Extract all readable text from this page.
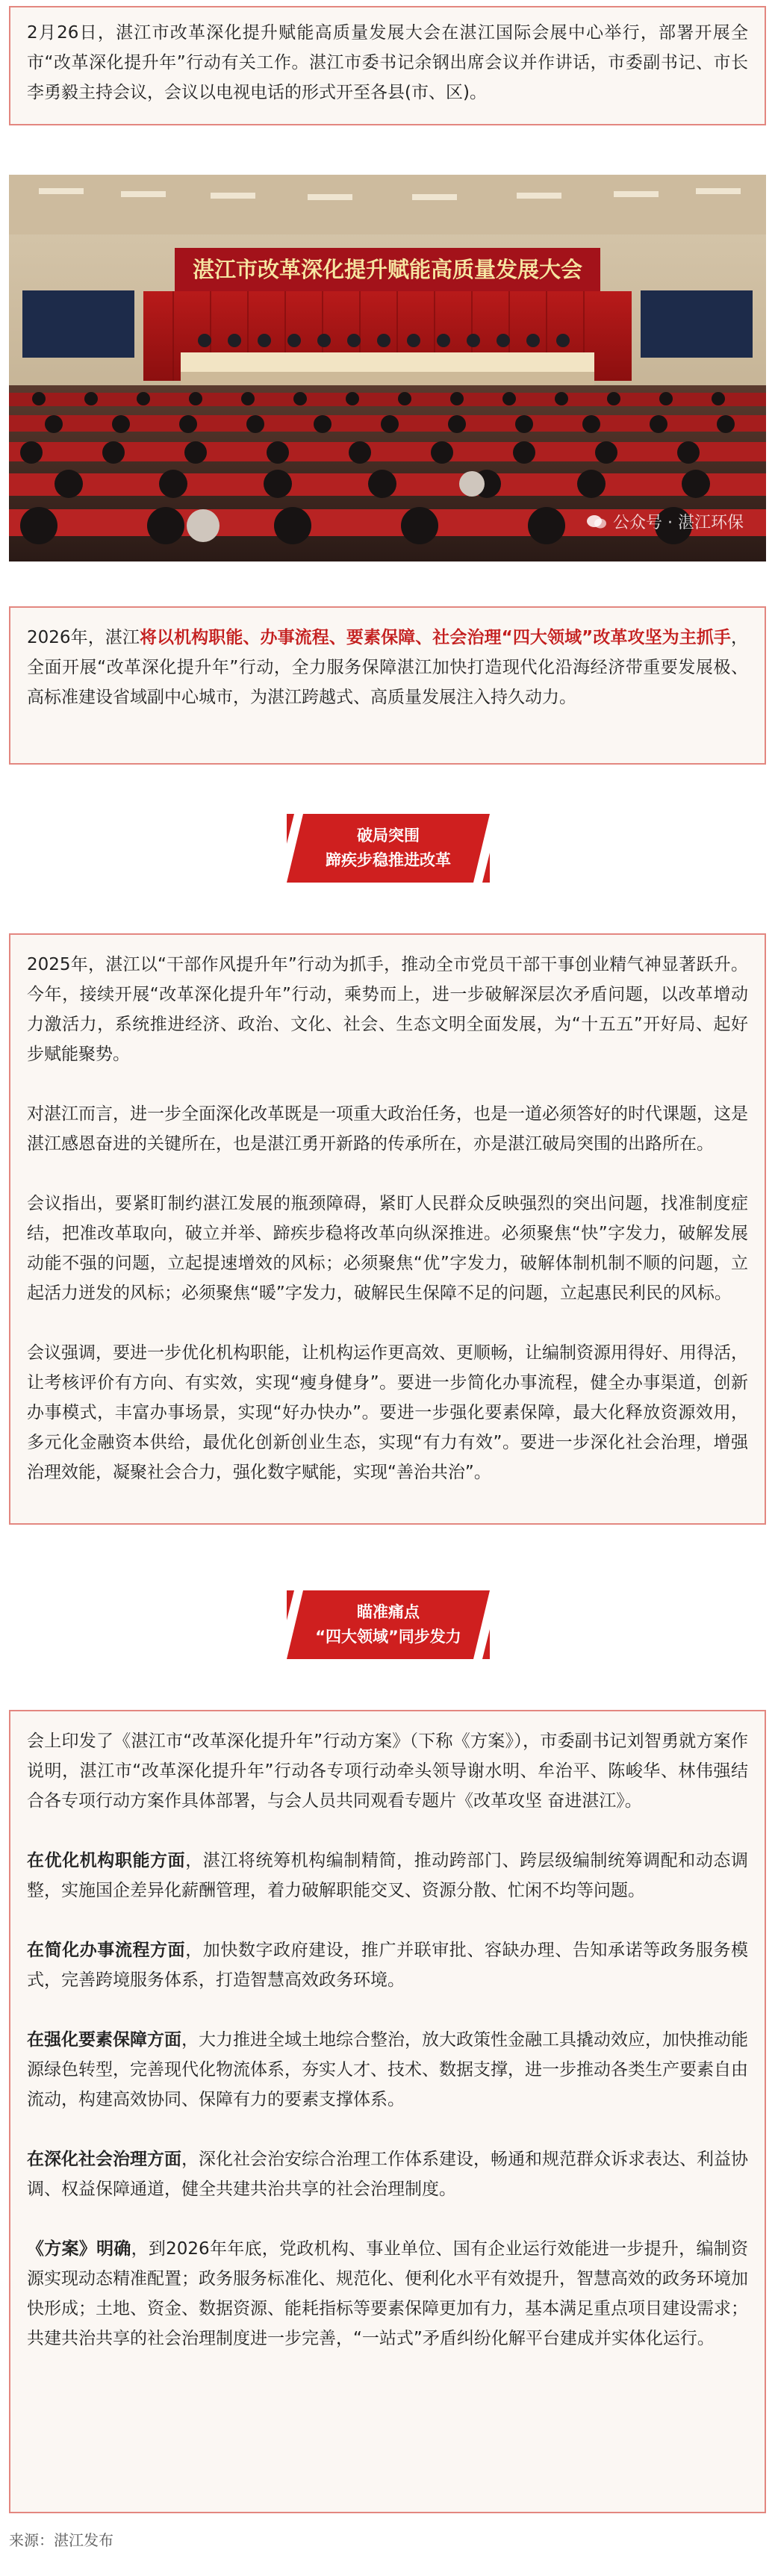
2月26日，湛江市改革深化提升赋能高质量发展大会在湛江国际会展中心举行，部署开展全市“改革深化提升年”行动有关工作。湛江市委书记余钢出席会议并作讲话，市委副书记、市长李勇毅主持会议，会议以电视电话的形式开至各县(市、区)。

湛江市改革深化提升赋能高质量发展大会
公众号 · 湛江环保

2026年，湛江将以机构职能、办事流程、要素保障、社会治理“四大领域”改革攻坚为主抓手，全面开展“改革深化提升年”行动，全力服务保障湛江加快打造现代化沿海经济带重要发展极、高标准建设省域副中心城市，为湛江跨越式、高质量发展注入持久动力。

破局突围
蹄疾步稳推进改革

2025年，湛江以“干部作风提升年”行动为抓手，推动全市党员干部干事创业精气神显著跃升。今年，接续开展“改革深化提升年”行动，乘势而上，进一步破解深层次矛盾问题，以改革增动力激活力，系统推进经济、政治、文化、社会、生态文明全面发展，为“十五五”开好局、起好步赋能聚势。

对湛江而言，进一步全面深化改革既是一项重大政治任务，也是一道必须答好的时代课题，这是湛江感恩奋进的关键所在，也是湛江勇开新路的传承所在，亦是湛江破局突围的出路所在。

会议指出，要紧盯制约湛江发展的瓶颈障碍，紧盯人民群众反映强烈的突出问题，找准制度症结，把准改革取向，破立并举、蹄疾步稳将改革向纵深推进。必须聚焦“快”字发力，破解发展动能不强的问题，立起提速增效的风标；必须聚焦“优”字发力，破解体制机制不顺的问题，立起活力迸发的风标；必须聚焦“暖”字发力，破解民生保障不足的问题，立起惠民利民的风标。

会议强调，要进一步优化机构职能，让机构运作更高效、更顺畅，让编制资源用得好、用得活，让考核评价有方向、有实效，实现“瘦身健身”。要进一步简化办事流程，健全办事渠道，创新办事模式，丰富办事场景，实现“好办快办”。要进一步强化要素保障，最大化释放资源效用，多元化金融资本供给，最优化创新创业生态，实现“有力有效”。要进一步深化社会治理，增强治理效能，凝聚社会合力，强化数字赋能，实现“善治共治”。

瞄准痛点
“四大领域”同步发力

会上印发了《湛江市“改革深化提升年”行动方案》（下称《方案》），市委副书记刘智勇就方案作说明，湛江市“改革深化提升年”行动各专项行动牵头领导谢水明、牟治平、陈峻华、林伟强结合各专项行动方案作具体部署，与会人员共同观看专题片《改革攻坚 奋进湛江》。

在优化机构职能方面，湛江将统筹机构编制精简，推动跨部门、跨层级编制统筹调配和动态调整，实施国企差异化薪酬管理，着力破解职能交叉、资源分散、忙闲不均等问题。

在简化办事流程方面，加快数字政府建设，推广并联审批、容缺办理、告知承诺等政务服务模式，完善跨境服务体系，打造智慧高效政务环境。

在强化要素保障方面，大力推进全域土地综合整治，放大政策性金融工具撬动效应，加快推动能源绿色转型，完善现代化物流体系，夯实人才、技术、数据支撑，进一步推动各类生产要素自由流动，构建高效协同、保障有力的要素支撑体系。

在深化社会治理方面，深化社会治安综合治理工作体系建设，畅通和规范群众诉求表达、利益协调、权益保障通道，健全共建共治共享的社会治理制度。

《方案》明确，到2026年年底，党政机构、事业单位、国有企业运行效能进一步提升，编制资源实现动态精准配置；政务服务标准化、规范化、便利化水平有效提升，智慧高效的政务环境加快形成；土地、资金、数据资源、能耗指标等要素保障更加有力，基本满足重点项目建设需求；共建共治共享的社会治理制度进一步完善，“一站式”矛盾纠纷化解平台建成并实体化运行。

来源：湛江发布
